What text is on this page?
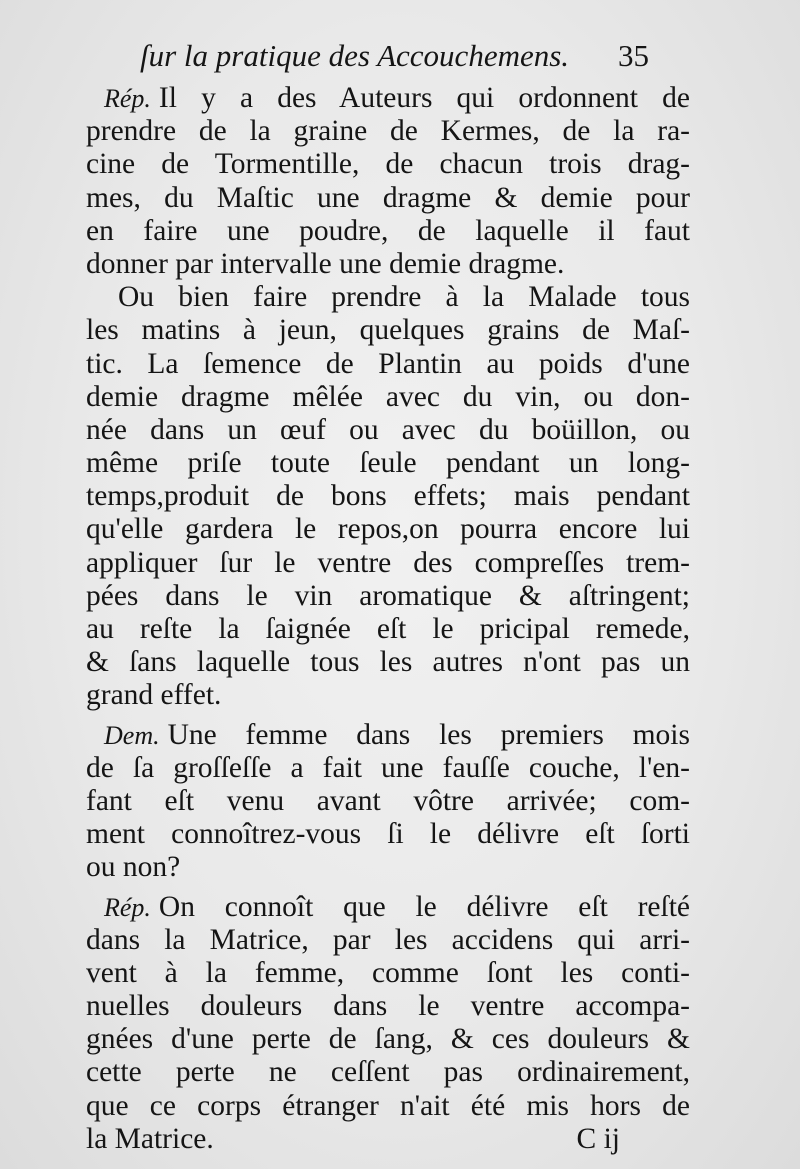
ſur la pratique des Accouchemens.	35
Rép. Il y a des Auteurs qui ordonnent de
prendre de la graine de Kermes, de la ra-
cine de Tormentille, de chacun trois drag-
mes, du Maſtic une dragme & demie pour
en faire une poudre, de laquelle il faut
donner par intervalle une demie dragme.
Ou bien faire prendre à la Malade tous
les matins à jeun, quelques grains de Maſ-
tic. La ſemence de Plantin au poids d'une
demie dragme mêlée avec du vin, ou don-
née dans un œuf ou avec du boüillon, ou
même priſe toute ſeule pendant un long-
temps,produit de bons effets; mais pendant
qu'elle gardera le repos,on pourra encore lui
appliquer ſur le ventre des compreſſes trem-
pées dans le vin aromatique & aſtringent;
au reſte la ſaignée eſt le pricipal remede,
& ſans laquelle tous les autres n'ont pas un
grand effet.
Dem. Une femme dans les premiers mois
de ſa groſſeſſe a fait une fauſſe couche, l'en-
fant eſt venu avant vôtre arrivée; com-
ment connoîtrez-vous ſi le délivre eſt ſorti
ou non?
Rép. On connoît que le délivre eſt reſté
dans la Matrice, par les accidens qui arri-
vent à la femme, comme ſont les conti-
nuelles douleurs dans le ventre accompa-
gnées d'une perte de ſang, & ces douleurs &
cette perte ne ceſſent pas ordinairement,
que ce corps étranger n'ait été mis hors de
la Matrice.	C ij
